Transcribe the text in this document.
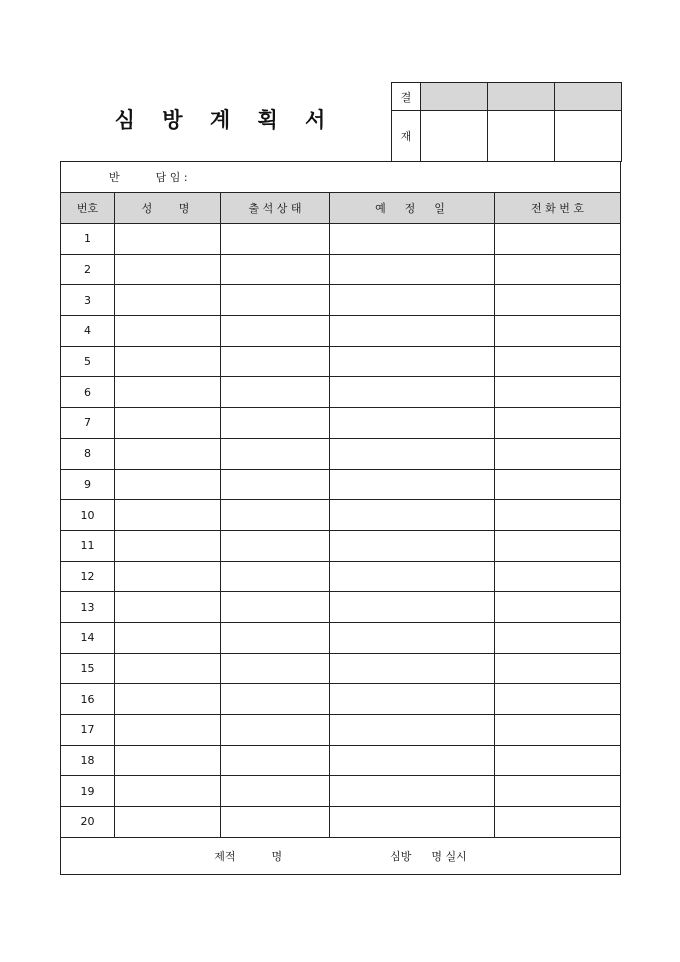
심 방 계 획 서
결			
재			
반 담 임 :				
번호	성   명	출 석 상 태	예  정  일	전 화 번 호
1				
2				
3				
4				
5				
6				
7				
8				
9				
10				
11				
12				
13				
14				
15				
16				
17				
18				
19				
20				
제적 명 심방 명 실시				
